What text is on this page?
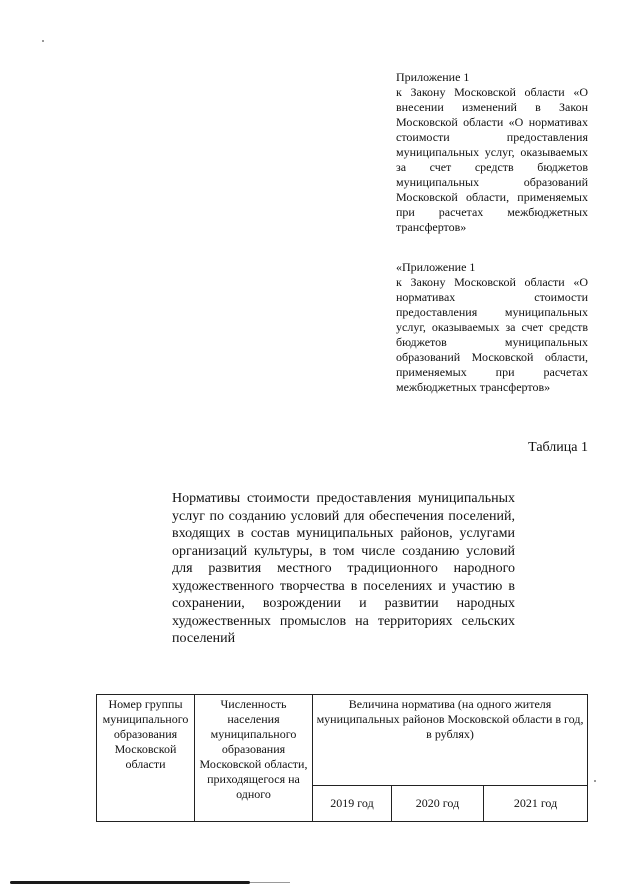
Приложение 1

к Закону Московской области «О внесении изменений в Закон Московской области «О нормативах стоимости предоставления муниципальных услуг, оказываемых за счет средств бюджетов муниципальных образований Московской области, применяемых при расчетах межбюджетных трансфертов»

«Приложение 1

к Закону Московской области «О нормативах стоимости предоставления муниципальных услуг, оказываемых за счет средств бюджетов муниципальных образований Московской области, применяемых при расчетах межбюджетных трансфертов»

Таблица 1

Нормативы стоимости предоставления муниципальных услуг по созданию условий для обеспечения поселений, входящих в состав муниципальных районов, услугами организаций культуры, в том числе созданию условий для развития местного традиционного народного художественного творчества в поселениях и участию в сохранении, возрождении и развитии народных художественных промыслов на территориях сельских поселений

Номер группы муниципального образования Московской области	Численность населения муниципального образования Московской области, приходящегося на одного	Величина норматива (на одного жителя муниципальных районов Московской области в год, в рублях)		
		2019 год	2020 год	2021 год
